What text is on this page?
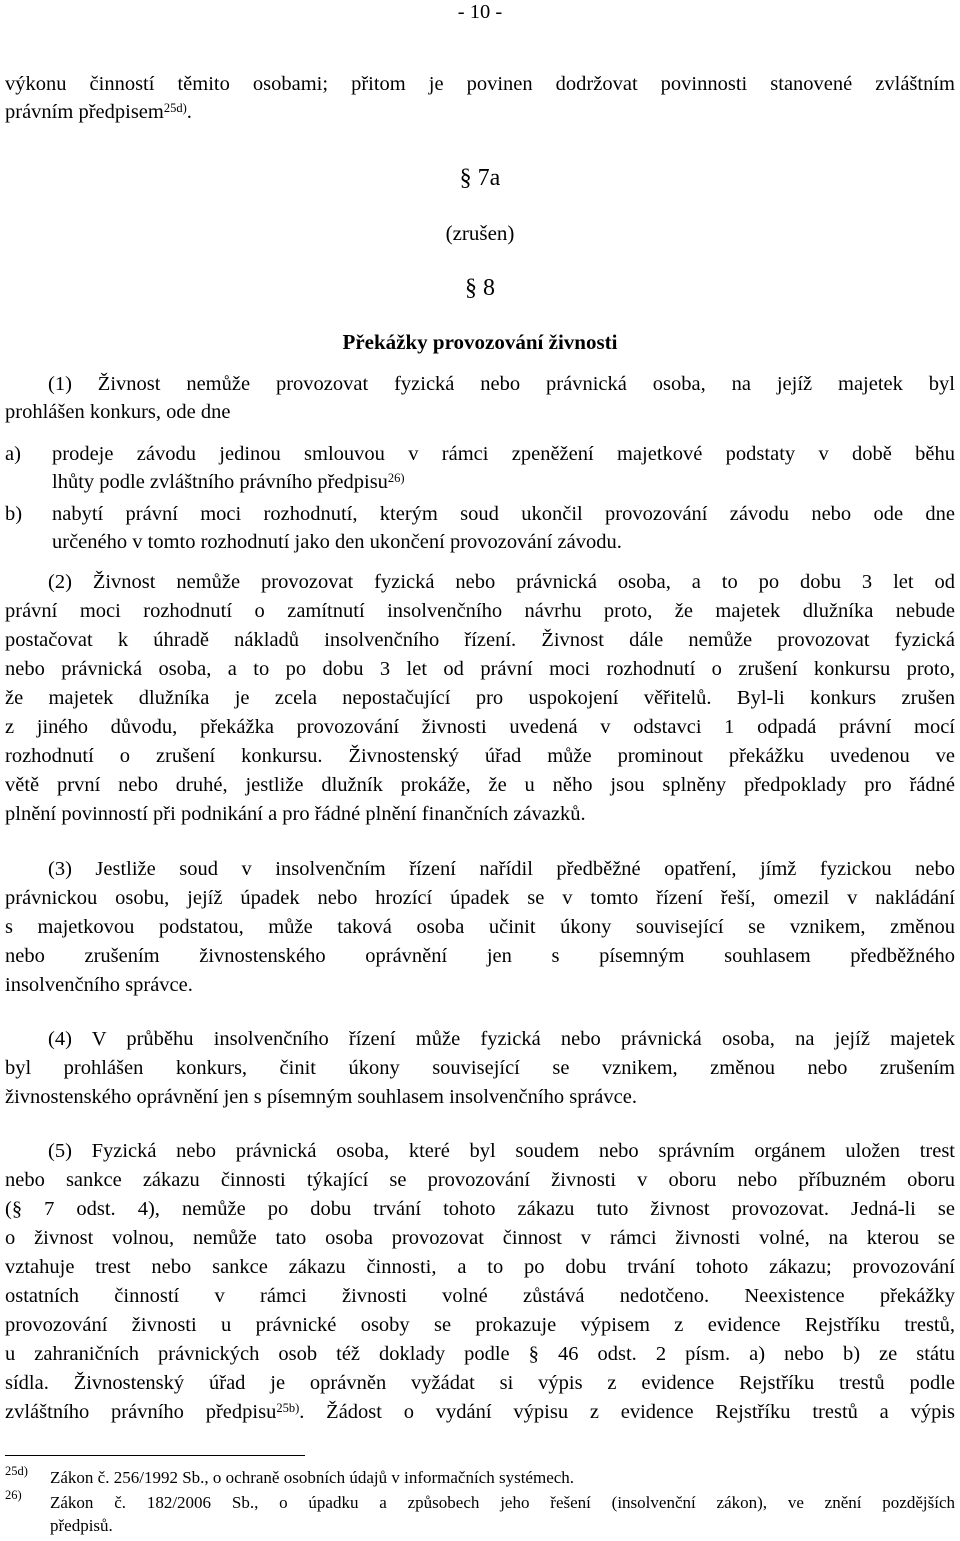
- 10 -
výkonu činností těmito osobami; přitom je povinen dodržovat povinnosti stanovené zvláštním
právním předpisem$^{25d)}$.
§ 7a
(zrušen)
§ 8
Překážky provozování živnosti
(1) Živnost nemůže provozovat fyzická nebo právnická osoba, na jejíž majetek byl
prohlášen konkurs, ode dne
a)	prodeje závodu jedinou smlouvou v rámci zpeněžení majetkové podstaty v době běhu
lhůty podle zvláštního právního předpisu$^{26)}$
b)	nabytí právní moci rozhodnutí, kterým soud ukončil provozování závodu nebo ode dne
určeného v tomto rozhodnutí jako den ukončení provozování závodu.
(2) Živnost nemůže provozovat fyzická nebo právnická osoba, a to po dobu 3 let od
právní moci rozhodnutí o zamítnutí insolvenčního návrhu proto, že majetek dlužníka nebude
postačovat k úhradě nákladů insolvenčního řízení. Živnost dále nemůže provozovat fyzická
nebo právnická osoba, a to po dobu 3 let od právní moci rozhodnutí o zrušení konkursu proto,
že majetek dlužníka je zcela nepostačující pro uspokojení věřitelů. Byl-li konkurs zrušen
z jiného důvodu, překážka provozování živnosti uvedená v odstavci 1 odpadá právní mocí
rozhodnutí o zrušení konkursu. Živnostenský úřad může prominout překážku uvedenou ve
větě první nebo druhé, jestliže dlužník prokáže, že u něho jsou splněny předpoklady pro řádné
plnění povinností při podnikání a pro řádné plnění finančních závazků.
(3) Jestliže soud v insolvenčním řízení nařídil předběžné opatření, jímž fyzickou nebo
právnickou osobu, jejíž úpadek nebo hrozící úpadek se v tomto řízení řeší, omezil v nakládání
s majetkovou podstatou, může taková osoba učinit úkony související se vznikem, změnou
nebo zrušením živnostenského oprávnění jen s písemným souhlasem předběžného
insolvenčního správce.
(4) V průběhu insolvenčního řízení může fyzická nebo právnická osoba, na jejíž majetek
byl prohlášen konkurs, činit úkony související se vznikem, změnou nebo zrušením
živnostenského oprávnění jen s písemným souhlasem insolvenčního správce.
(5) Fyzická nebo právnická osoba, které byl soudem nebo správním orgánem uložen trest
nebo sankce zákazu činnosti týkající se provozování živnosti v oboru nebo příbuzném oboru
(§ 7 odst. 4), nemůže po dobu trvání tohoto zákazu tuto živnost provozovat. Jedná-li se
o živnost volnou, nemůže tato osoba provozovat činnost v rámci živnosti volné, na kterou se
vztahuje trest nebo sankce zákazu činnosti, a to po dobu trvání tohoto zákazu; provozování
ostatních činností v rámci živnosti volné zůstává nedotčeno. Neexistence překážky
provozování živnosti u právnické osoby se prokazuje výpisem z evidence Rejstříku trestů,
u zahraničních právnických osob též doklady podle § 46 odst. 2 písm. a) nebo b) ze státu
sídla. Živnostenský úřad je oprávněn vyžádat si výpis z evidence Rejstříku trestů podle
zvláštního právního předpisu$^{25b)}$. Žádost o vydání výpisu z evidence Rejstříku trestů a výpis
25d) Zákon č. 256/1992 Sb., o ochraně osobních údajů v informačních systémech.
26) Zákon č. 182/2006 Sb., o úpadku a způsobech jeho řešení (insolvenční zákon), ve znění pozdějších
předpisů.
